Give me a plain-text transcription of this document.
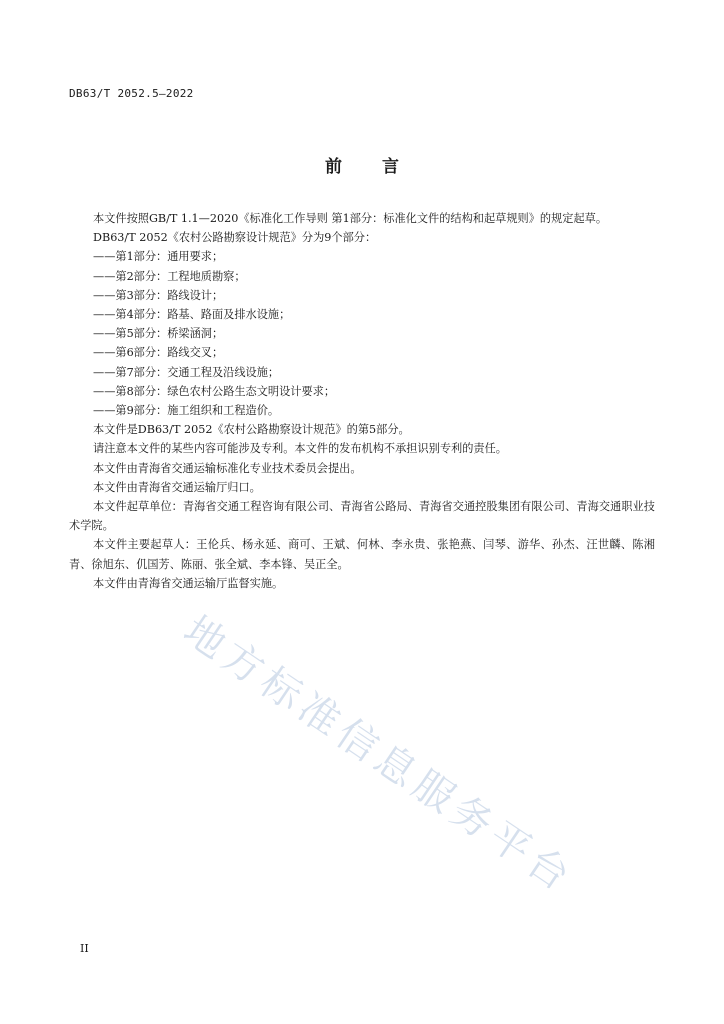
DB63/T 2052.5—2022
前 言

本文件按照GB/T 1.1—2020《标准化工作导则 第1部分：标准化文件的结构和起草规则》的规定起草。

DB63/T 2052《农村公路勘察设计规范》分为9个部分：

——第1部分：通用要求；

——第2部分：工程地质勘察；

——第3部分：路线设计；

——第4部分：路基、路面及排水设施；

——第5部分：桥梁涵洞；

——第6部分：路线交叉；

——第7部分：交通工程及沿线设施；

——第8部分：绿色农村公路生态文明设计要求；

——第9部分：施工组织和工程造价。

本文件是DB63/T 2052《农村公路勘察设计规范》的第5部分。

请注意本文件的某些内容可能涉及专利。本文件的发布机构不承担识别专利的责任。

本文件由青海省交通运输标准化专业技术委员会提出。

本文件由青海省交通运输厅归口。

本文件起草单位：青海省交通工程咨询有限公司、青海省公路局、青海省交通控股集团有限公司、青海交通职业技术学院。

本文件主要起草人：王伦兵、杨永延、商可、王斌、何林、李永贵、张艳燕、闫琴、游华、孙杰、汪世麟、陈湘青、徐旭东、仉国芳、陈丽、张全斌、李本锋、吴正全。

本文件由青海省交通运输厅监督实施。

地方标准信息服务平台
II
